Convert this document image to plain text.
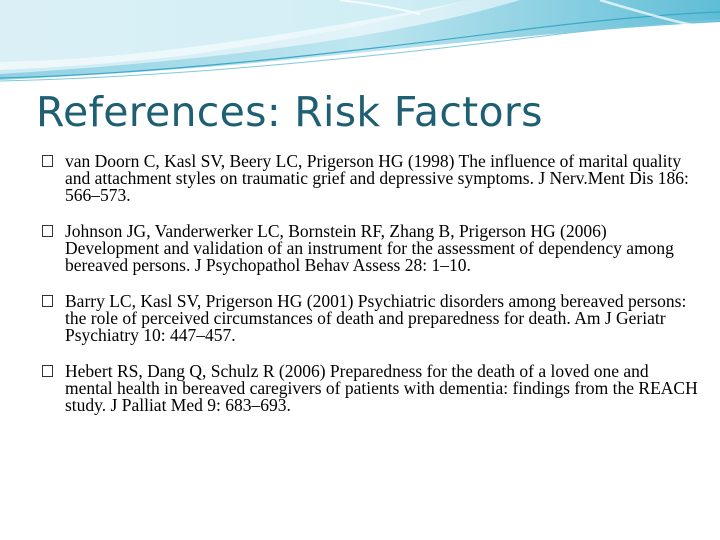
References: Risk Factors
van Doorn C, Kasl SV, Beery LC, Prigerson HG (1998) The influence of marital quality and attachment styles on traumatic grief and depressive symptoms. J Nerv.Ment Dis 186: 566–573.
Johnson JG, Vanderwerker LC, Bornstein RF, Zhang B, Prigerson HG (2006) Development and validation of an instrument for the assessment of dependency among bereaved persons. J Psychopathol Behav Assess 28: 1–10.
Barry LC, Kasl SV, Prigerson HG (2001) Psychiatric disorders among bereaved persons: the role of perceived circumstances of death and preparedness for death. Am J Geriatr Psychiatry 10: 447–457.
Hebert RS, Dang Q, Schulz R (2006) Preparedness for the death of a loved one and mental health in bereaved caregivers of patients with dementia: findings from the REACH study. J Palliat Med 9: 683–693.
